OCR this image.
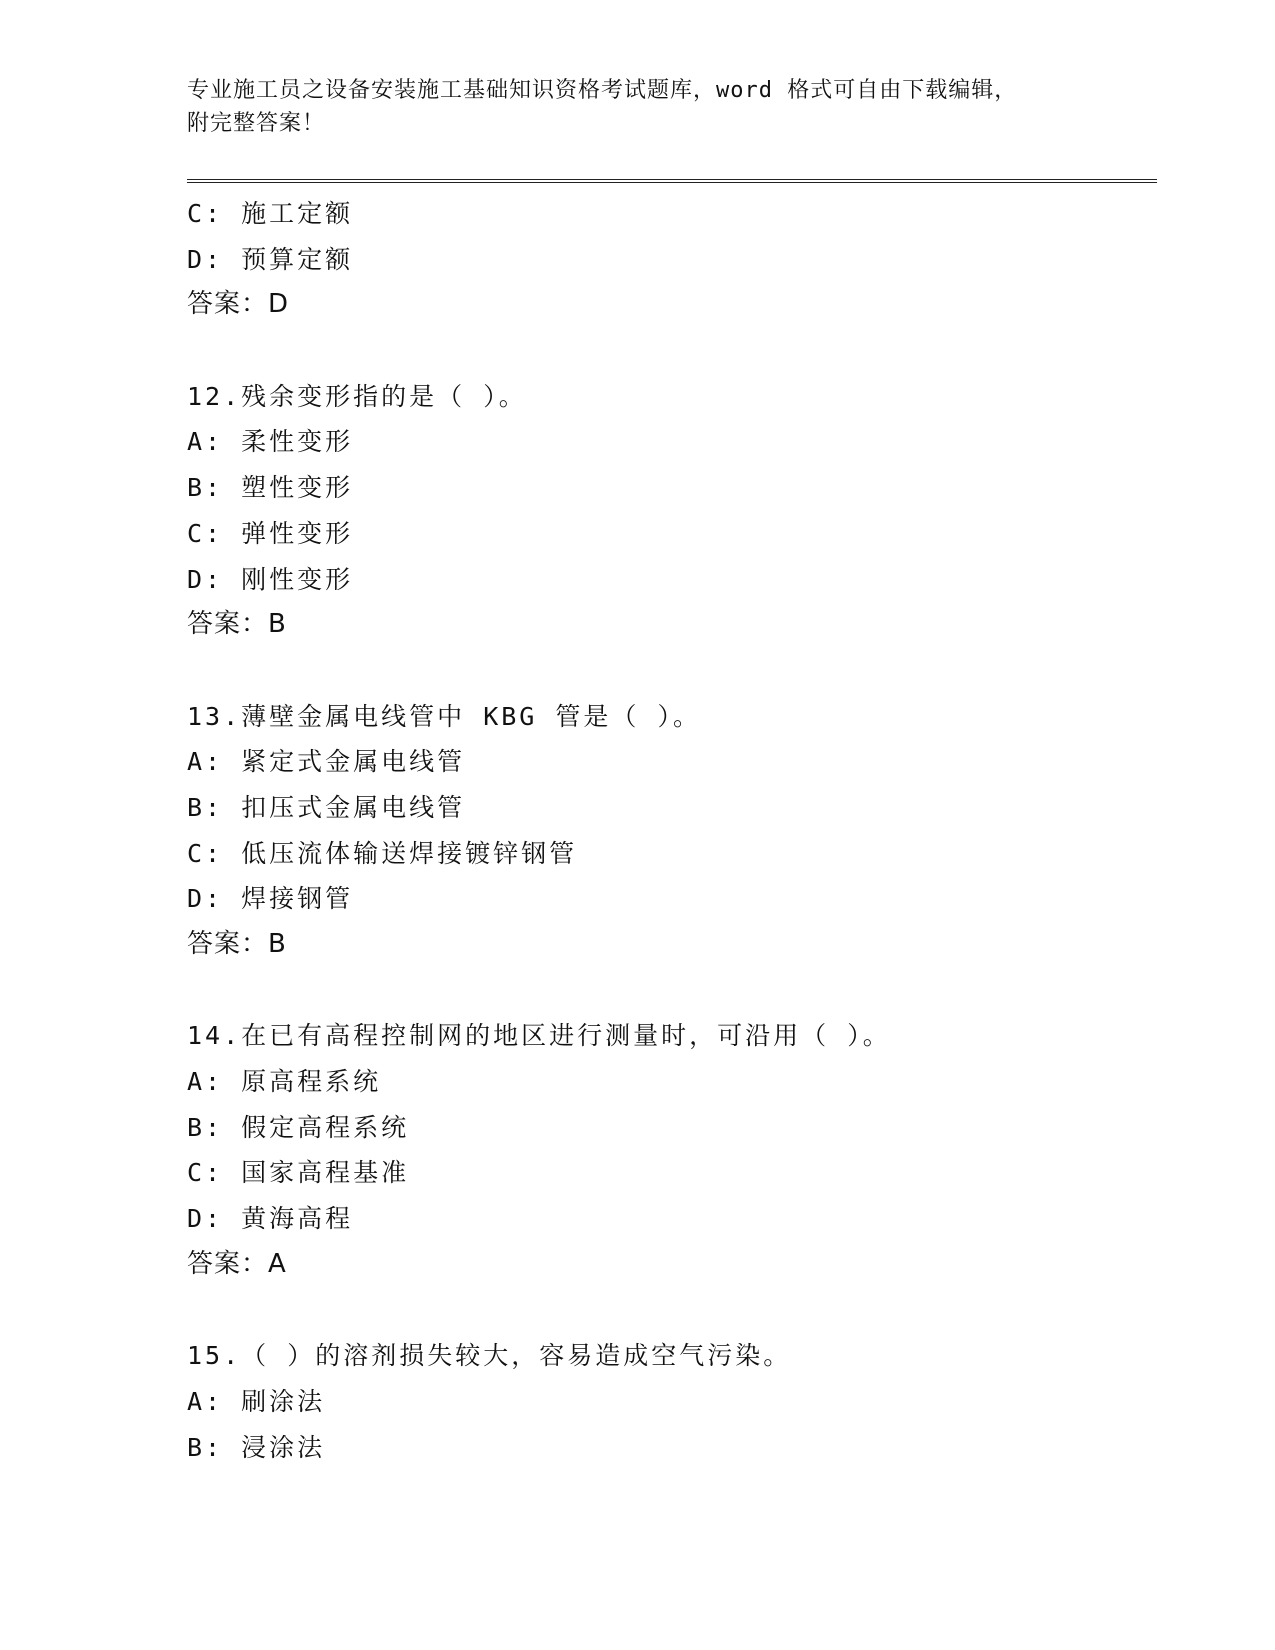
专业施工员之设备安装施工基础知识资格考试题库，word 格式可自由下载编辑，
附完整答案！
C: 施工定额
D: 预算定额
答案：D
12.残余变形指的是（ ）。
A: 柔性变形
B: 塑性变形
C: 弹性变形
D: 刚性变形
答案：B
13.薄壁金属电线管中 KBG 管是（ ）。
A: 紧定式金属电线管
B: 扣压式金属电线管
C: 低压流体输送焊接镀锌钢管
D: 焊接钢管
答案：B
14.在已有高程控制网的地区进行测量时，可沿用（ ）。
A: 原高程系统
B: 假定高程系统
C: 国家高程基准
D: 黄海高程
答案：A
15.（ ）的溶剂损失较大，容易造成空气污染。
A: 刷涂法
B: 浸涂法
